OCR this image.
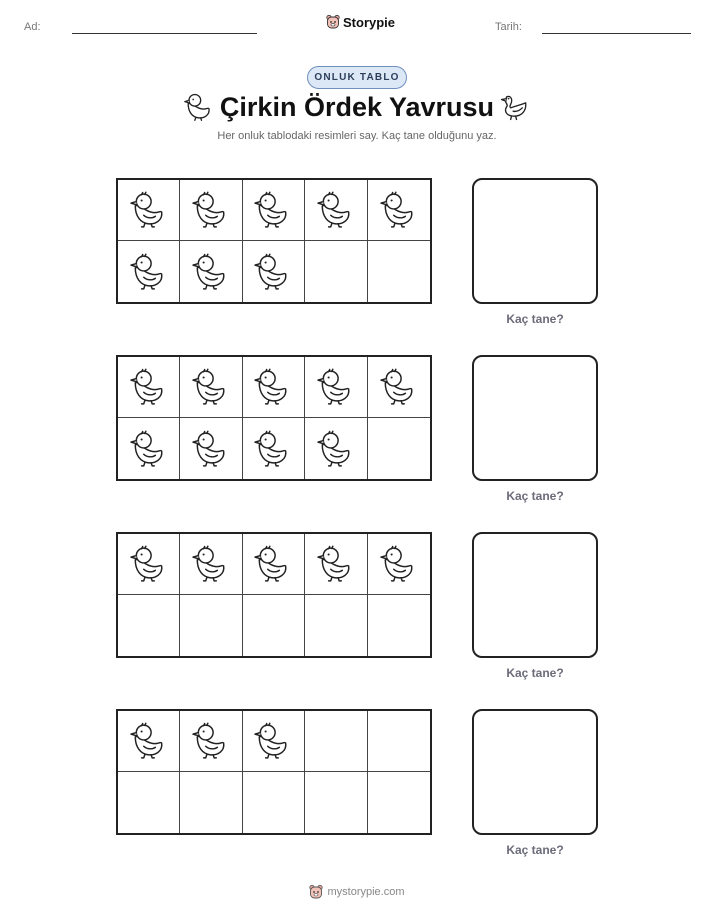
Ad:	Storypie	Tarih:
ONLUK TABLO
Çirkin Ördek Yavrusu
Her onluk tablodaki resimleri say. Kaç tane olduğunu yaz.
Kaç tane?
Kaç tane?
Kaç tane?
Kaç tane?
mystorypie.com
